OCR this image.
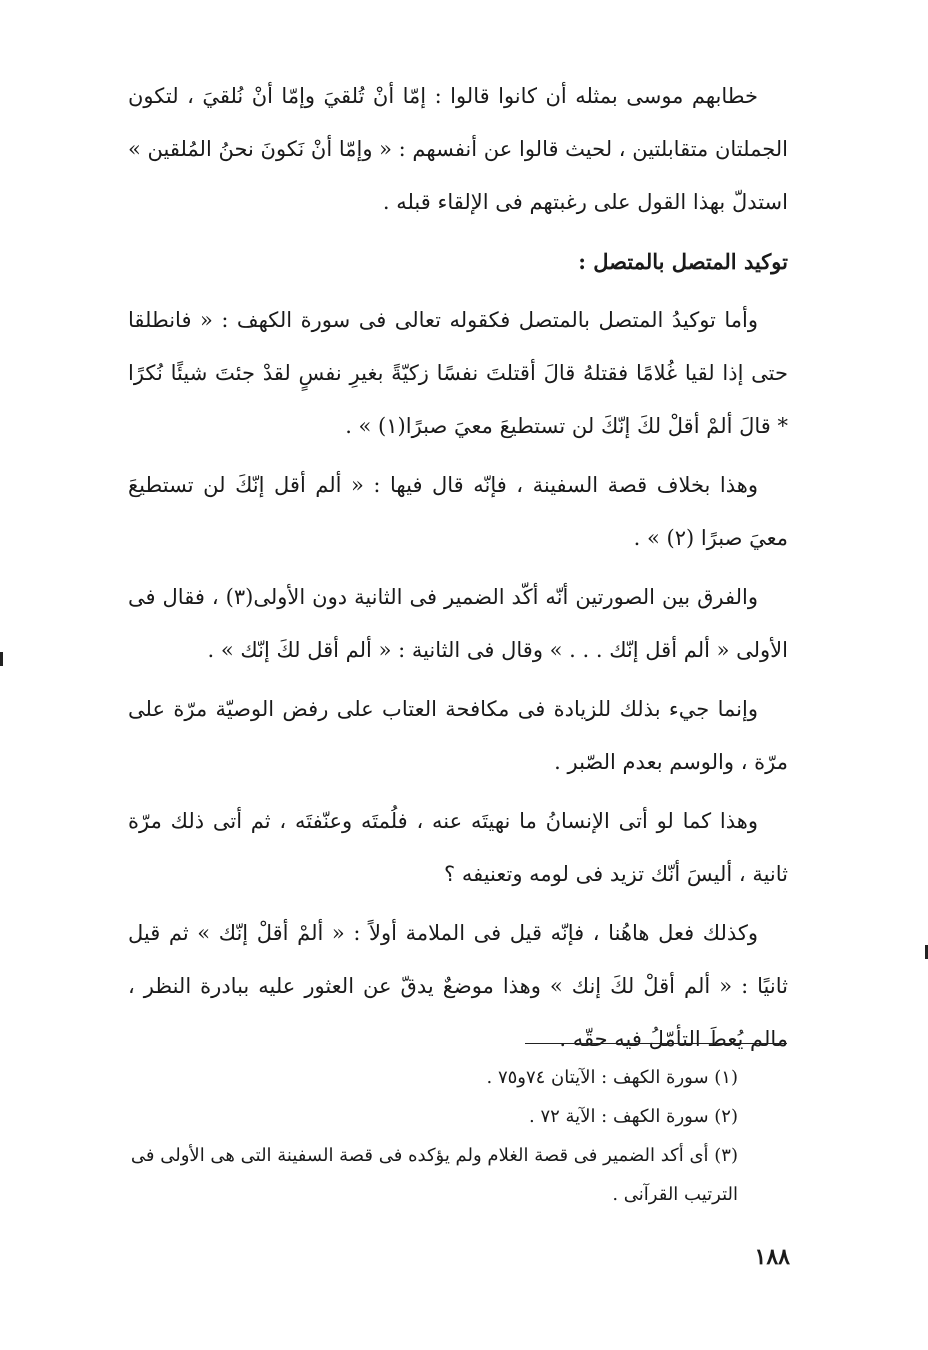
خطابهم موسى بمثله أن كانوا قالوا : إمّا أنْ تُلقيَ وإمّا أنْ نُلقيَ ، لتكون الجملتان متقابلتين ، لحيث قالوا عن أنفسهم : « وإمّا أنْ نَكونَ نحنُ المُلقين » استدلّ بهذا القول على رغبتهم فى الإلقاء قبله .

توكيد المتصل بالمتصل :

وأما توكيدُ المتصل بالمتصل فكقوله تعالى فى سورة الكهف : « فانطلقا حتى إذا لقيا غُلامًا فقتلهُ قالَ أقتلتَ نفسًا زكيّةً بغيرِ نفسٍ لقدْ جئتَ شيئًا نُكرًا * قالَ ألمْ أقلْ لكَ إنّكَ لن تستطيعَ معيَ صبرًا(١) » .

وهذا بخلاف قصة السفينة ، فإنّه قال فيها : « ألم أقل إنّكَ لن تستطيعَ معيَ صبرًا (٢) » .

والفرق بين الصورتين أنّه أكّد الضمير فى الثانية دون الأولى(٣) ، فقال فى الأولى « ألم أقل إنّك . . . » وقال فى الثانية : « ألم أقل لكَ إنّك » .

وإنما جيء بذلك للزيادة فى مكافحة العتاب على رفض الوصيّة مرّة على مرّة ، والوسم بعدم الصّبر .

وهذا كما لو أتى الإنسانُ ما نهيتَه عنه ، فلُمتَه وعنّفتَه ، ثم أتى ذلك مرّة ثانية ، أليسَ أنّك تزيد فى لومه وتعنيفه ؟

وكذلك فعل هاهُنا ، فإنّه قيل فى الملامة أولاً : « ألمْ أقلْ إنّك » ثم قيل ثانيًا : « ألم أقلْ لكَ إنك » وهذا موضعٌ يدقّ عن العثور عليه ببادرة النظر ، مالم يُعطَ التأمّلُ فيه حقّه .

(١) سورة الكهف : الآيتان ٧٤و٧٥ .

(٢) سورة الكهف : الآية ٧٢ .

(٣) أى أكد الضمير فى قصة الغلام ولم يؤكده فى قصة السفينة التى هى الأولى فى الترتيب القرآنى .

١٨٨
